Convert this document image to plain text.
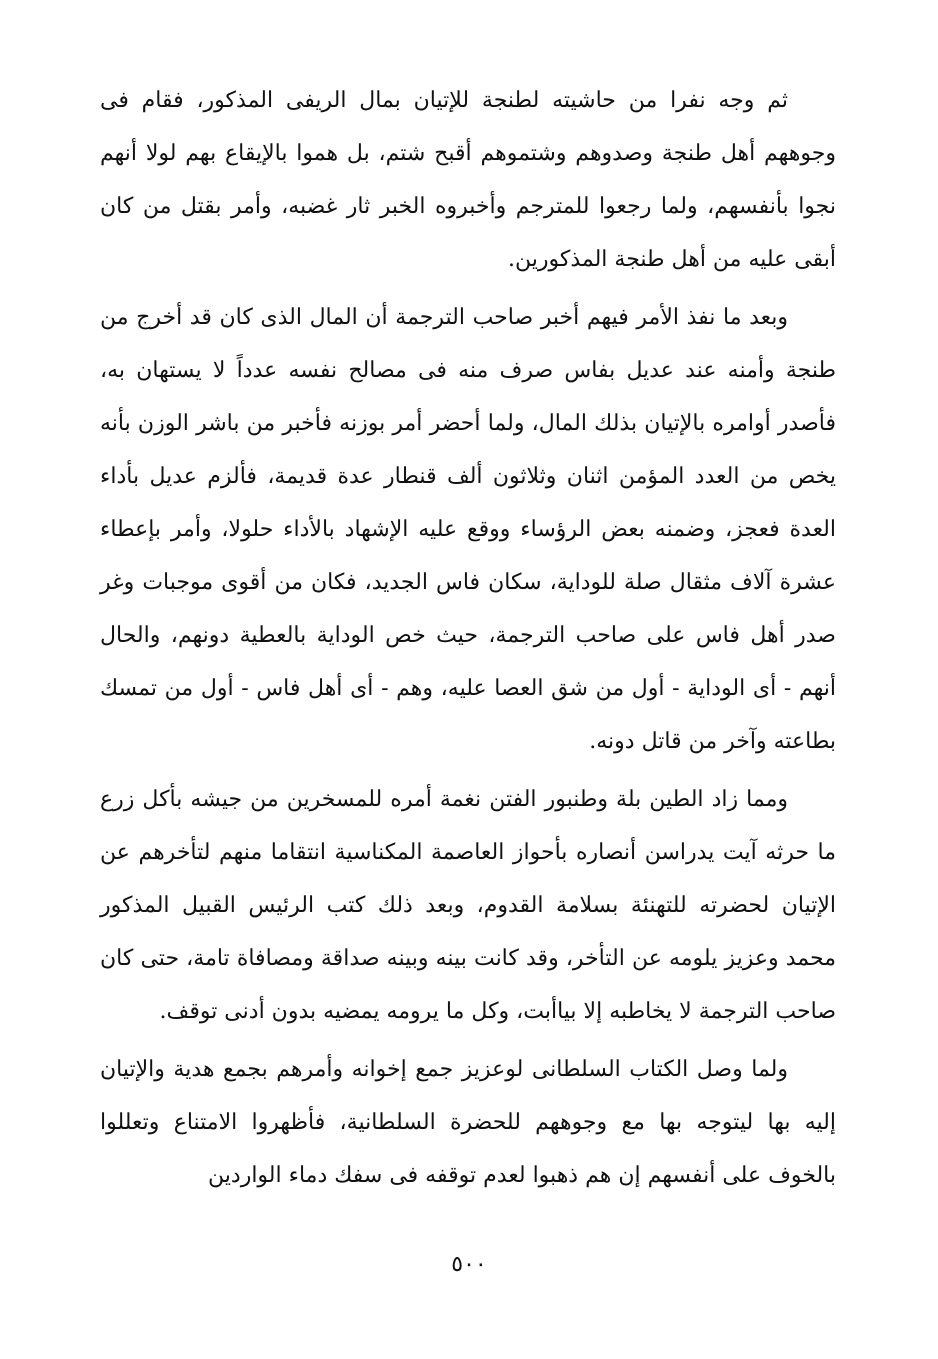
ثم وجه نفرا من حاشيته لطنجة للإتيان بمال الريفى المذكور، فقام فى وجوههم أهل طنجة وصدوهم وشتموهم أقبح شتم، بل هموا بالإيقاع بهم لولا أنهم نجوا بأنفسهم، ولما رجعوا للمترجم وأخبروه الخبر ثار غضبه، وأمر بقتل من كان أبقى عليه من أهل طنجة المذكورين.

وبعد ما نفذ الأمر فيهم أخبر صاحب الترجمة أن المال الذى كان قد أخرج من طنجة وأمنه عند عديل بفاس صرف منه فى مصالح نفسه عدداً لا يستهان به، فأصدر أوامره بالإتيان بذلك المال، ولما أحضر أمر بوزنه فأخبر من باشر الوزن بأنه يخص من العدد المؤمن اثنان وثلاثون ألف قنطار عدة قديمة، فألزم عديل بأداء العدة فعجز، وضمنه بعض الرؤساء ووقع عليه الإشهاد بالأداء حلولا، وأمر بإعطاء عشرة آلاف مثقال صلة للوداية، سكان فاس الجديد، فكان من أقوى موجبات وغر صدر أهل فاس على صاحب الترجمة، حيث خص الوداية بالعطية دونهم، والحال أنهم - أى الوداية - أول من شق العصا عليه، وهم - أى أهل فاس - أول من تمسك بطاعته وآخر من قاتل دونه.

ومما زاد الطين بلة وطنبور الفتن نغمة أمره للمسخرين من جيشه بأكل زرع ما حرثه آيت يدراسن أنصاره بأحواز العاصمة المكناسية انتقاما منهم لتأخرهم عن الإتيان لحضرته للتهنئة بسلامة القدوم، وبعد ذلك كتب الرئيس القبيل المذكور محمد وعزيز يلومه عن التأخر، وقد كانت بينه وبينه صداقة ومصافاة تامة، حتى كان صاحب الترجمة لا يخاطبه إلا بياأبت، وكل ما يرومه يمضيه بدون أدنى توقف.

ولما وصل الكتاب السلطانى لوعزيز جمع إخوانه وأمرهم بجمع هدية والإتيان إليه بها ليتوجه بها مع وجوههم للحضرة السلطانية، فأظهروا الامتناع وتعللوا بالخوف على أنفسهم إن هم ذهبوا لعدم توقفه فى سفك دماء الواردين

٥٠٠
